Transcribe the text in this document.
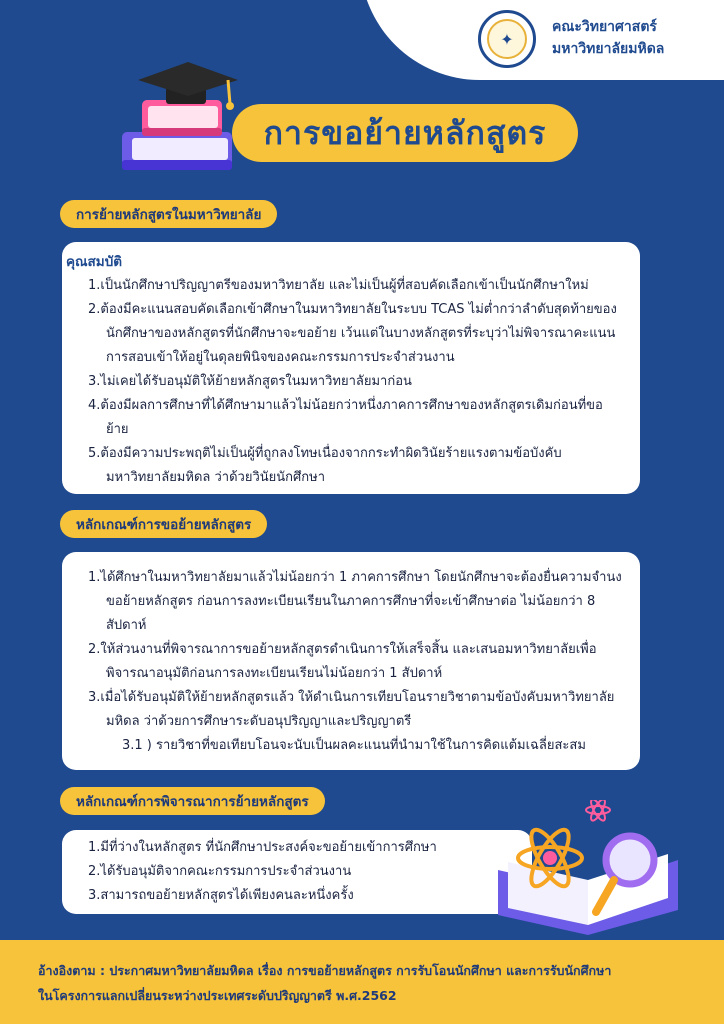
✦
คณะวิทยาศาสตร์
มหาวิทยาลัยมหิดล
การขอย้ายหลักสูตร
การย้ายหลักสูตรในมหาวิทยาลัย
คุณสมบัติ
1.เป็นนักศึกษาปริญญาตรีของมหาวิทยาลัย และไม่เป็นผู้ที่สอบคัดเลือกเข้าเป็นนักศึกษาใหม่
2.ต้องมีคะแนนสอบคัดเลือกเข้าศึกษาในมหาวิทยาลัยในระบบ TCAS ไม่ต่ำกว่าลำดับสุดท้ายของนักศึกษาของหลักสูตรที่นักศึกษาจะขอย้าย เว้นแต่ในบางหลักสูตรที่ระบุว่าไม่พิจารณาคะแนนการสอบเข้าให้อยู่ในดุลยพินิจของคณะกรรมการประจำส่วนงาน
3.ไม่เคยได้รับอนุมัติให้ย้ายหลักสูตรในมหาวิทยาลัยมาก่อน
4.ต้องมีผลการศึกษาที่ได้ศึกษามาแล้วไม่น้อยกว่าหนึ่งภาคการศึกษาของหลักสูตรเดิมก่อนที่ขอย้าย
5.ต้องมีความประพฤติไม่เป็นผู้ที่ถูกลงโทษเนื่องจากกระทำผิดวินัยร้ายแรงตามข้อบังคับมหาวิทยาลัยมหิดล ว่าด้วยวินัยนักศึกษา
หลักเกณฑ์การขอย้ายหลักสูตร
1.ได้ศึกษาในมหาวิทยาลัยมาแล้วไม่น้อยกว่า 1 ภาคการศึกษา โดยนักศึกษาจะต้องยื่นความจำนงขอย้ายหลักสูตร ก่อนการลงทะเบียนเรียนในภาคการศึกษาที่จะเข้าศึกษาต่อ ไม่น้อยกว่า 8 สัปดาห์
2.ให้ส่วนงานที่พิจารณาการขอย้ายหลักสูตรดำเนินการให้เสร็จสิ้น และเสนอมหาวิทยาลัยเพื่อพิจารณาอนุมัติก่อนการลงทะเบียนเรียนไม่น้อยกว่า 1 สัปดาห์
3.เมื่อได้รับอนุมัติให้ย้ายหลักสูตรแล้ว ให้ดำเนินการเทียบโอนรายวิชาตามข้อบังคับมหาวิทยาลัยมหิดล ว่าด้วยการศึกษาระดับอนุปริญญาและปริญญาตรี
3.1 ) รายวิชาที่ขอเทียบโอนจะนับเป็นผลคะแนนที่นำมาใช้ในการคิดแต้มเฉลี่ยสะสม
หลักเกณฑ์การพิจารณาการย้ายหลักสูตร
1.มีที่ว่างในหลักสูตร ที่นักศึกษาประสงค์จะขอย้ายเข้าการศึกษา
2.ได้รับอนุมัติจากคณะกรรมการประจำส่วนงาน
3.สามารถขอย้ายหลักสูตรได้เพียงคนละหนึ่งครั้ง
อ้างอิงตาม : ประกาศมหาวิทยาลัยมหิดล เรื่อง การขอย้ายหลักสูตร การรับโอนนักศึกษา และการรับนักศึกษา
ในโครงการแลกเปลี่ยนระหว่างประเทศระดับปริญญาตรี พ.ศ.2562
